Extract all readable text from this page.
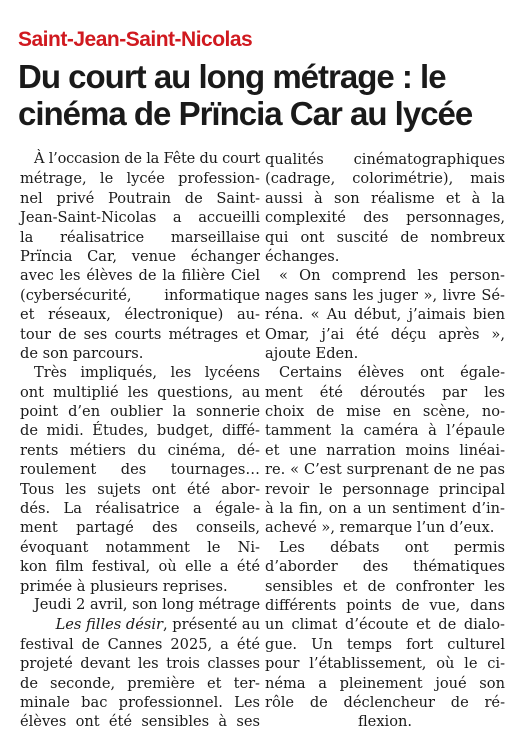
Saint-Jean-Saint-Nicolas
Du court au long métrage : le
cinéma de Prïncia Car au lycée
À l’occasion de la Fête du court
métrage, le lycée profession-
nel privé Poutrain de Saint-
Jean-Saint-Nicolas a accueilli
la réalisatrice marseillaise
Prïncia Car, venue échanger
avec les élèves de la filière Ciel
(cybersécurité, informatique
et réseaux, électronique) au-
tour de ses courts métrages et
de son parcours.
Très impliqués, les lycéens
ont multiplié les questions, au
point d’en oublier la sonnerie
de midi. Études, budget, diffé-
rents métiers du cinéma, dé-
roulement des tournages…
Tous les sujets ont été abor-
dés. La réalisatrice a égale-
ment partagé des conseils,
évoquant notamment le Ni-
kon film festival, où elle a été
primée à plusieurs reprises.
Jeudi 2 avril, son long métrage
Les filles désir, présenté au
festival de Cannes 2025, a été
projeté devant les trois classes
de seconde, première et ter-
minale bac professionnel. Les
élèves ont été sensibles à ses
qualités cinématographiques
(cadrage, colorimétrie), mais
aussi à son réalisme et à la
complexité des personnages,
qui ont suscité de nombreux
échanges.
« On comprend les person-
nages sans les juger », livre Sé-
réna. « Au début, j’aimais bien
Omar, j’ai été déçu après »,
ajoute Eden.
Certains élèves ont égale-
ment été déroutés par les
choix de mise en scène, no-
tamment la caméra à l’épaule
et une narration moins linéai-
re. « C’est surprenant de ne pas
revoir le personnage principal
à la fin, on a un sentiment d’in-
achevé », remarque l’un d’eux.
Les débats ont permis
d’aborder des thématiques
sensibles et de confronter les
différents points de vue, dans
un climat d’écoute et de dialo-
gue. Un temps fort culturel
pour l’établissement, où le ci-
néma a pleinement joué son
rôle de déclencheur de ré-
flexion.
